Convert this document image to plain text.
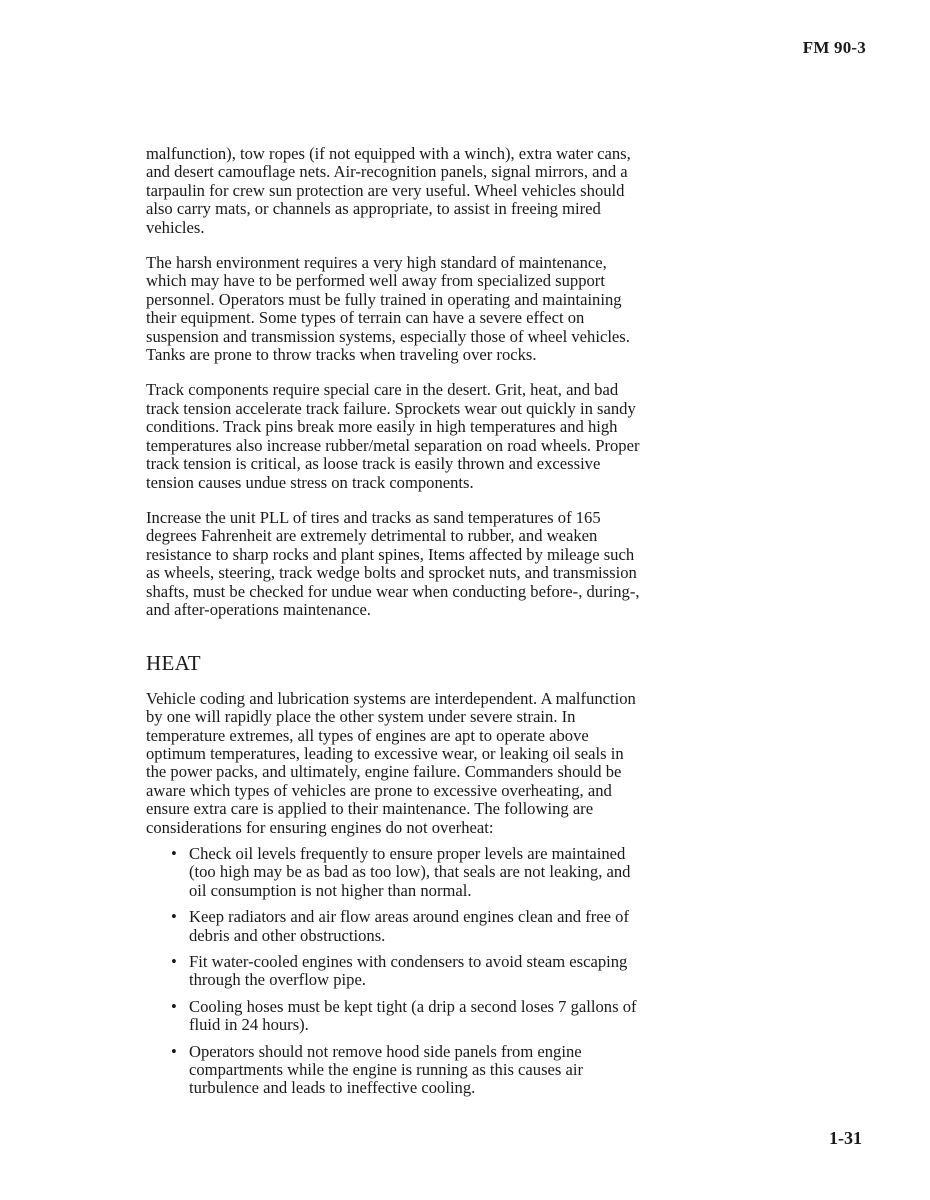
FM 90-3

malfunction), tow ropes (if not equipped with a winch), extra water cans, and desert camouflage nets. Air-recognition panels, signal mirrors, and a tarpaulin for crew sun protection are very useful. Wheel vehicles should also carry mats, or channels as appropriate, to assist in freeing mired vehicles.

The harsh environment requires a very high standard of maintenance, which may have to be performed well away from specialized support personnel. Operators must be fully trained in operating and maintaining their equipment. Some types of terrain can have a severe effect on suspension and transmission systems, especially those of wheel vehicles. Tanks are prone to throw tracks when traveling over rocks.

Track components require special care in the desert. Grit, heat, and bad track tension accelerate track failure. Sprockets wear out quickly in sandy conditions. Track pins break more easily in high temperatures and high temperatures also increase rubber/metal separation on road wheels. Proper track tension is critical, as loose track is easily thrown and excessive tension causes undue stress on track components.

Increase the unit PLL of tires and tracks as sand temperatures of 165 degrees Fahrenheit are extremely detrimental to rubber, and weaken resistance to sharp rocks and plant spines, Items affected by mileage such as wheels, steering, track wedge bolts and sprocket nuts, and transmission shafts, must be checked for undue wear when conducting before-, during-, and after-operations maintenance.

HEAT

Vehicle coding and lubrication systems are interdependent. A malfunction by one will rapidly place the other system under severe strain. In temperature extremes, all types of engines are apt to operate above optimum temperatures, leading to excessive wear, or leaking oil seals in the power packs, and ultimately, engine failure. Commanders should be aware which types of vehicles are prone to excessive overheating, and ensure extra care is applied to their maintenance. The following are considerations for ensuring engines do not overheat:

• Check oil levels frequently to ensure proper levels are maintained (too high may be as bad as too low), that seals are not leaking, and oil consumption is not higher than normal.
• Keep radiators and air flow areas around engines clean and free of debris and other obstructions.
• Fit water-cooled engines with condensers to avoid steam escaping through the overflow pipe.
• Cooling hoses must be kept tight (a drip a second loses 7 gallons of fluid in 24 hours).
• Operators should not remove hood side panels from engine compartments while the engine is running as this causes air turbulence and leads to ineffective cooling.
1-31
